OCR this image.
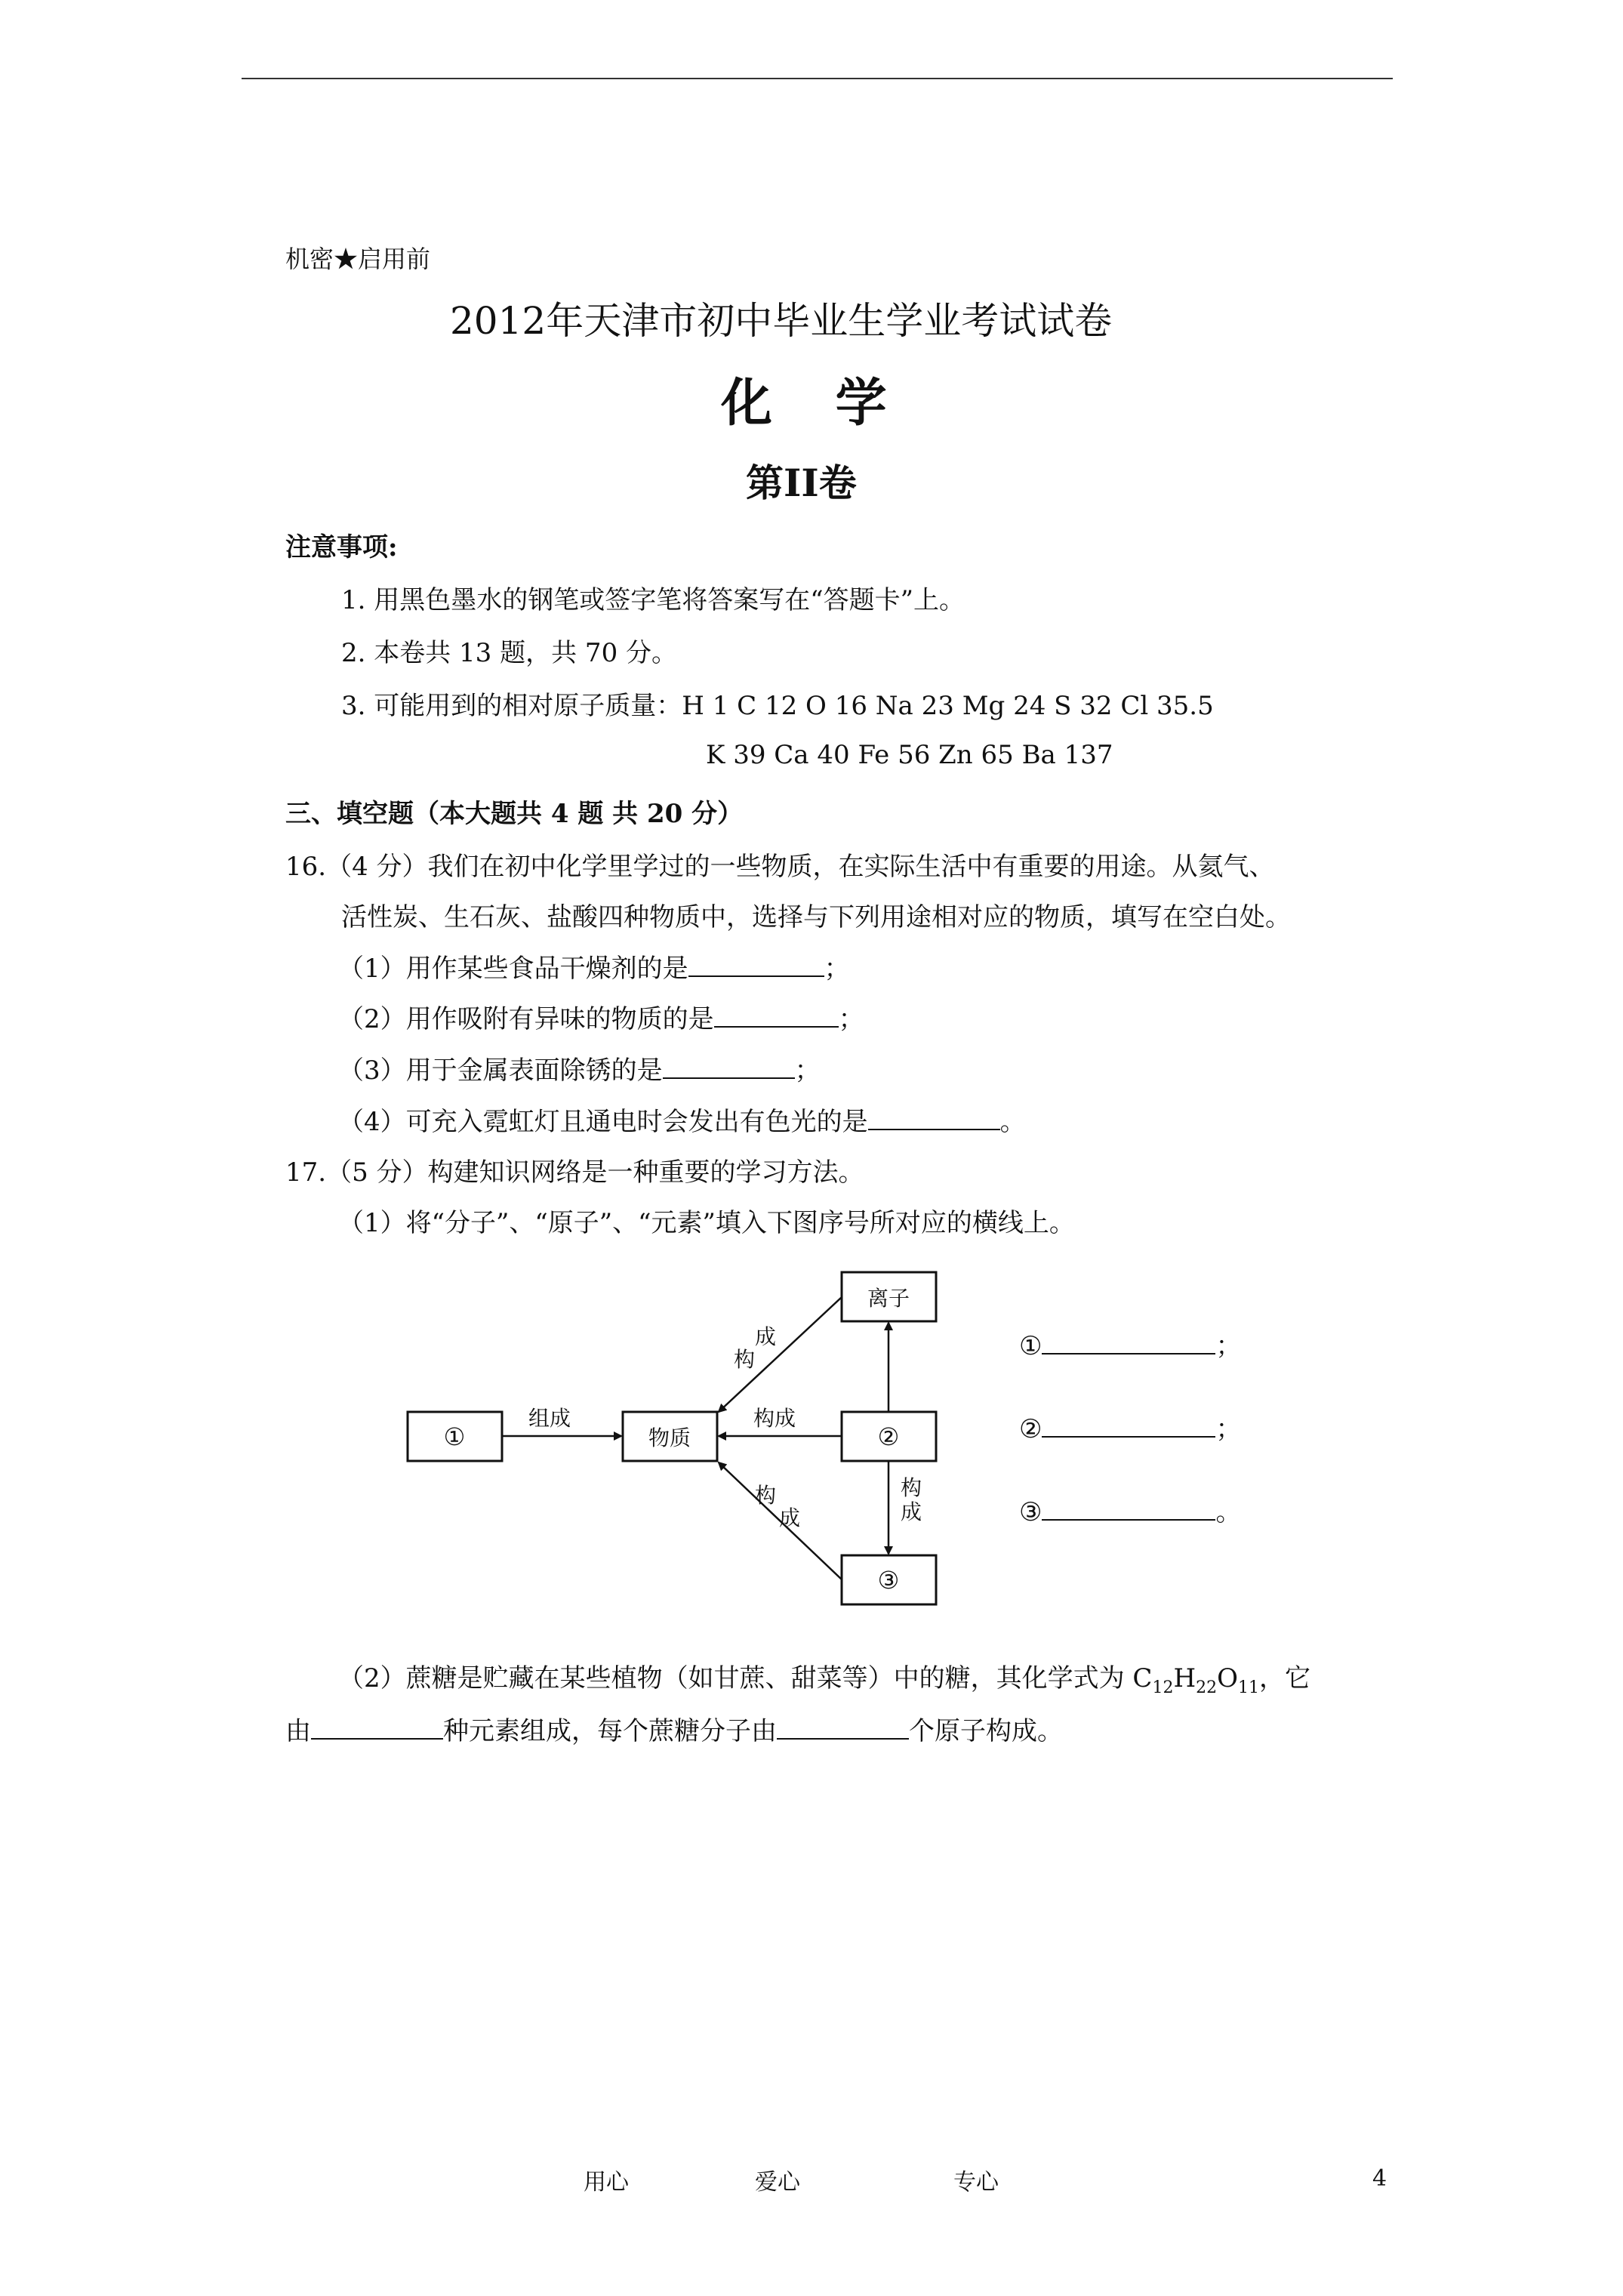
机密★启用前
2012年天津市初中毕业生学业考试试卷
化 学
第II卷
注意事项:
1. 用黑色墨水的钢笔或签字笔将答案写在“答题卡”上。
2. 本卷共 13 题，共 70 分。
3. 可能用到的相对原子质量：H 1 C 12 O 16 Na 23 Mg 24 S 32 Cl 35.5
K 39 Ca 40 Fe 56 Zn 65 Ba 137
三、填空题（本大题共 4 题 共 20 分）
16.（4 分）我们在初中化学里学过的一些物质，在实际生活中有重要的用途。从氦气、
活性炭、生石灰、盐酸四种物质中，选择与下列用途相对应的物质，填写在空白处。
（1）用作某些食品干燥剂的是	；
（2）用作吸附有异味的物质的是	；
（3）用于金属表面除锈的是	；
（4）可充入霓虹灯且通电时会发出有色光的是	。
17.（5 分）构建知识网络是一种重要的学习方法。
（1）将“分子”、“原子”、“元素”填入下图序号所对应的横线上。
①	物质
离子
②
③
组成	构成
构
成
构
成
构
成
①	；
②	；
③	。
（2）蔗糖是贮藏在某些植物（如甘蔗、甜菜等）中的糖，其化学式为 $C_{12}H_{22}O_{11}$，它
由	种元素组成，每个蔗糖分子由	个原子构成。
用心	爱心	专心	4
